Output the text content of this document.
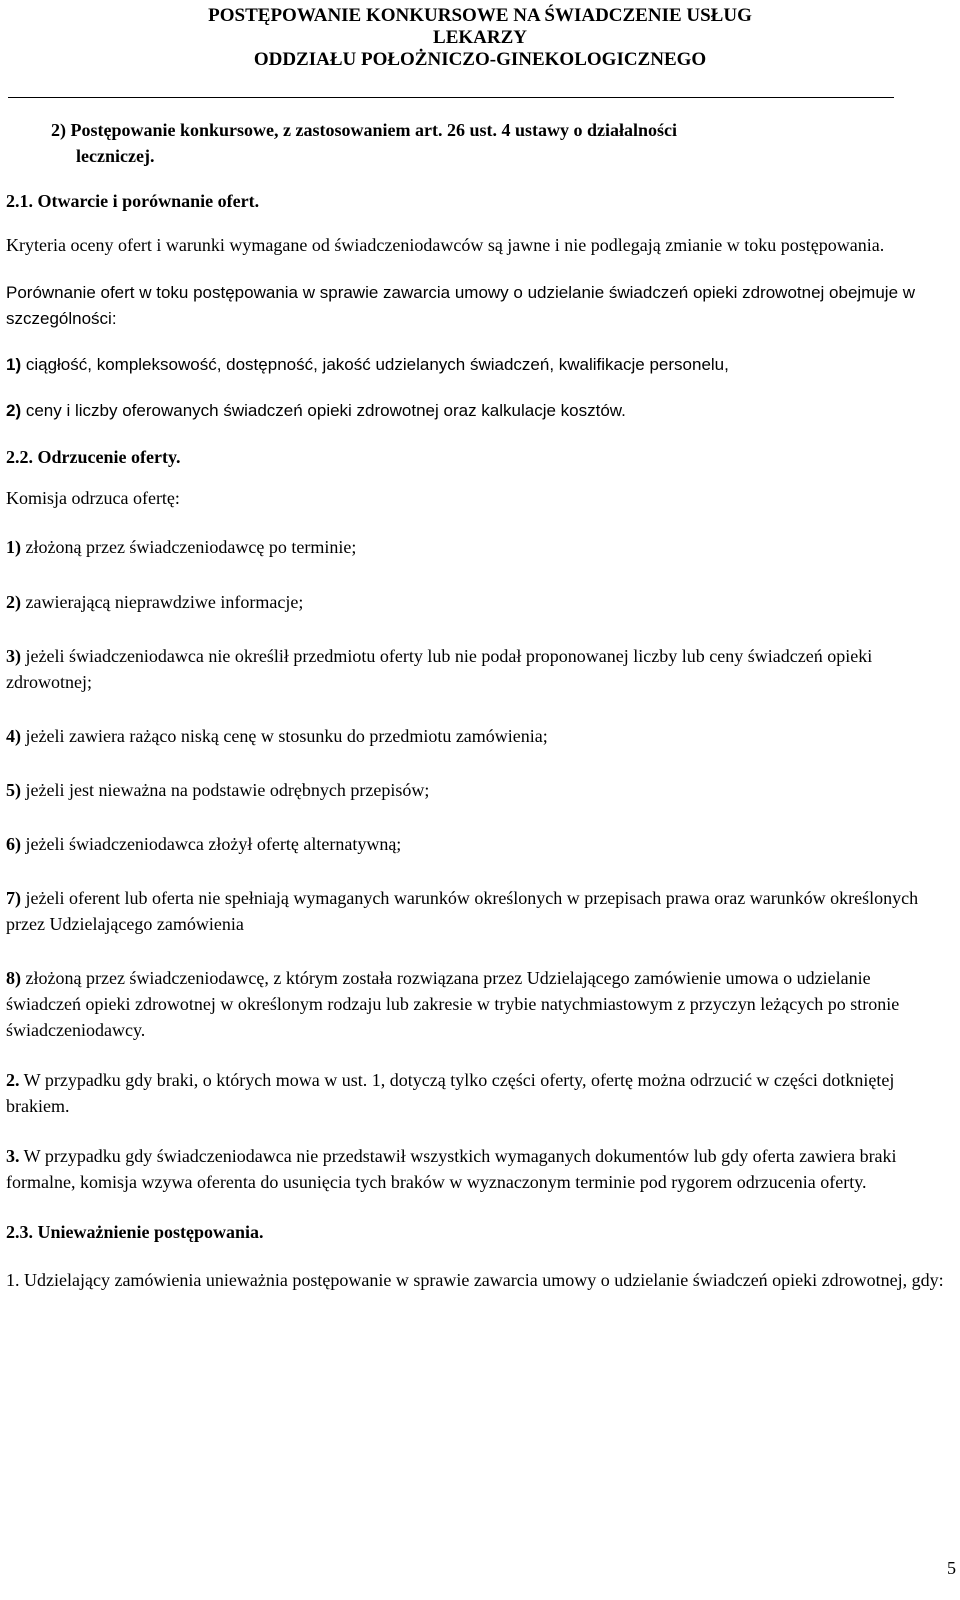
POSTĘPOWANIE KONKURSOWE NA ŚWIADCZENIE USŁUG
LEKARZY
ODDZIAŁU POŁOŻNICZO-GINEKOLOGICZNEGO

2) Postępowanie konkursowe, z zastosowaniem art. 26 ust. 4 ustawy o działalności
leczniczej.

2.1. Otwarcie i porównanie ofert.

Kryteria oceny ofert i warunki wymagane od świadczeniodawców są jawne i nie podlegają zmianie w toku postępowania.

Porównanie ofert w toku postępowania w sprawie zawarcia umowy o udzielanie świadczeń opieki zdrowotnej obejmuje w szczególności:

1) ciągłość, kompleksowość, dostępność, jakość udzielanych świadczeń, kwalifikacje personelu,

2) ceny i liczby oferowanych świadczeń opieki zdrowotnej oraz kalkulacje kosztów.

2.2. Odrzucenie oferty.

Komisja odrzuca ofertę:

1) złożoną przez świadczeniodawcę po terminie;

2) zawierającą nieprawdziwe informacje;

3) jeżeli świadczeniodawca nie określił przedmiotu oferty lub nie podał proponowanej liczby lub ceny świadczeń opieki zdrowotnej;

4) jeżeli zawiera rażąco niską cenę w stosunku do przedmiotu zamówienia;

5) jeżeli jest nieważna na podstawie odrębnych przepisów;

6) jeżeli świadczeniodawca złożył ofertę alternatywną;

7) jeżeli oferent lub oferta nie spełniają wymaganych warunków określonych w przepisach prawa oraz warunków określonych przez Udzielającego zamówienia

8) złożoną przez świadczeniodawcę, z którym została rozwiązana przez Udzielającego zamówienie umowa o udzielanie świadczeń opieki zdrowotnej w określonym rodzaju lub zakresie w trybie natychmiastowym z przyczyn leżących po stronie świadczeniodawcy.

2. W przypadku gdy braki, o których mowa w ust. 1, dotyczą tylko części oferty, ofertę można odrzucić w części dotkniętej brakiem.

3. W przypadku gdy świadczeniodawca nie przedstawił wszystkich wymaganych dokumentów lub gdy oferta zawiera braki formalne, komisja wzywa oferenta do usunięcia tych braków w wyznaczonym terminie pod rygorem odrzucenia oferty.

2.3. Unieważnienie postępowania.

1. Udzielający zamówienia unieważnia postępowanie w sprawie zawarcia umowy o udzielanie świadczeń opieki zdrowotnej, gdy:

5
